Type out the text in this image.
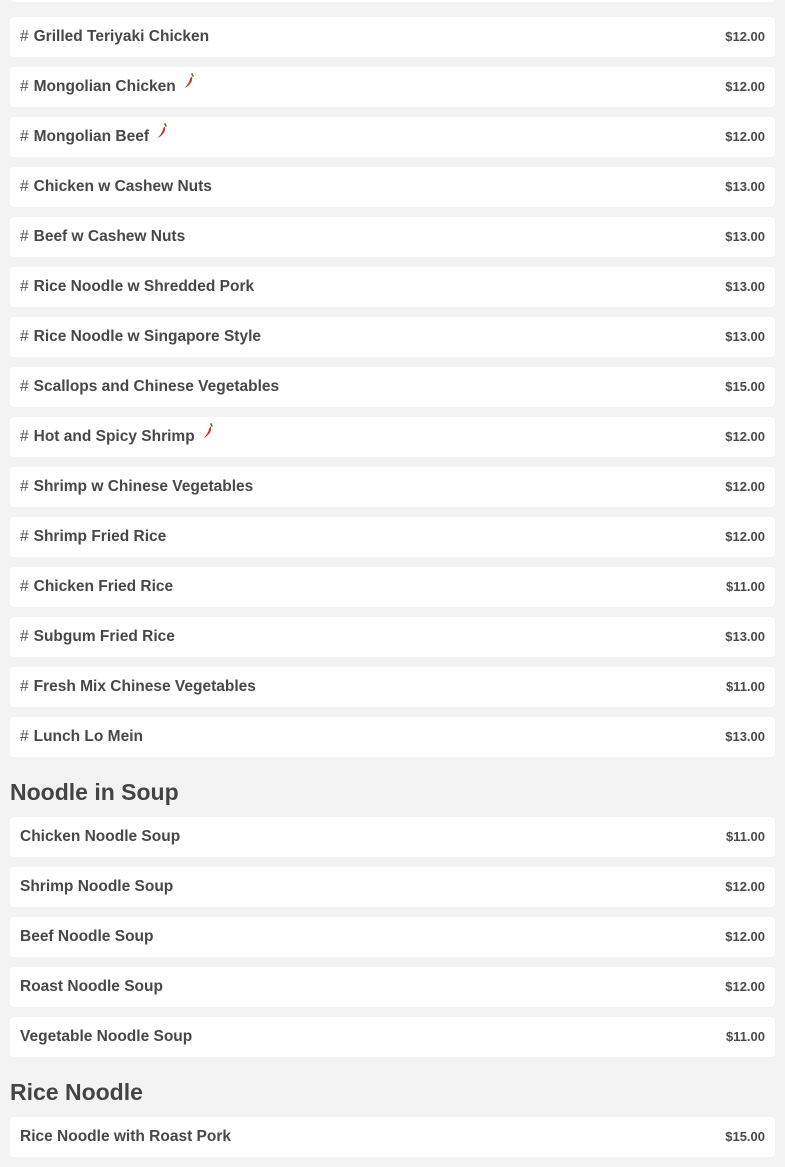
# Grilled Teriyaki Chicken	$12.00
# Mongolian Chicken	$12.00
# Mongolian Beef	$12.00
# Chicken w Cashew Nuts	$13.00
# Beef w Cashew Nuts	$13.00
# Rice Noodle w Shredded Pork	$13.00
# Rice Noodle w Singapore Style	$13.00
# Scallops and Chinese Vegetables	$15.00
# Hot and Spicy Shrimp	$12.00
# Shrimp w Chinese Vegetables	$12.00
# Shrimp Fried Rice	$12.00
# Chicken Fried Rice	$11.00
# Subgum Fried Rice	$13.00
# Fresh Mix Chinese Vegetables	$11.00
# Lunch Lo Mein	$13.00
Noodle in Soup
Chicken Noodle Soup	$11.00
Shrimp Noodle Soup	$12.00
Beef Noodle Soup	$12.00
Roast Noodle Soup	$12.00
Vegetable Noodle Soup	$11.00
Rice Noodle
Rice Noodle with Roast Pork	$15.00
